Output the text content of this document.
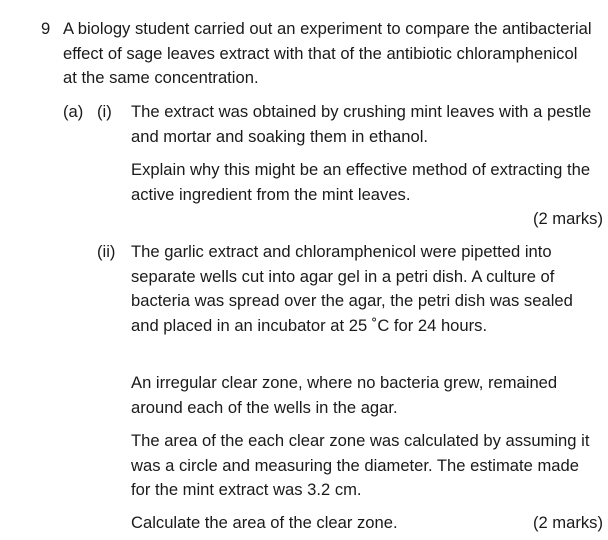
9 A biology student carried out an experiment to compare the antibacterial effect of sage leaves extract with that of the antibiotic chloramphenicol at the same concentration.

(a) (i) The extract was obtained by crushing mint leaves with a pestle and mortar and soaking them in ethanol.

Explain why this might be an effective method of extracting the active ingredient from the mint leaves.

(2 marks)
(ii) The garlic extract and chloramphenicol were pipetted into separate wells cut into agar gel in a petri dish. A culture of bacteria was spread over the agar, the petri dish was sealed and placed in an incubator at 25 ˚C for 24 hours.

An irregular clear zone, where no bacteria grew, remained around each of the wells in the agar.

The area of the each clear zone was calculated by assuming it was a circle and measuring the diameter. The estimate made for the mint extract was 3.2 cm.

Calculate the area of the clear zone.	(2 marks)
